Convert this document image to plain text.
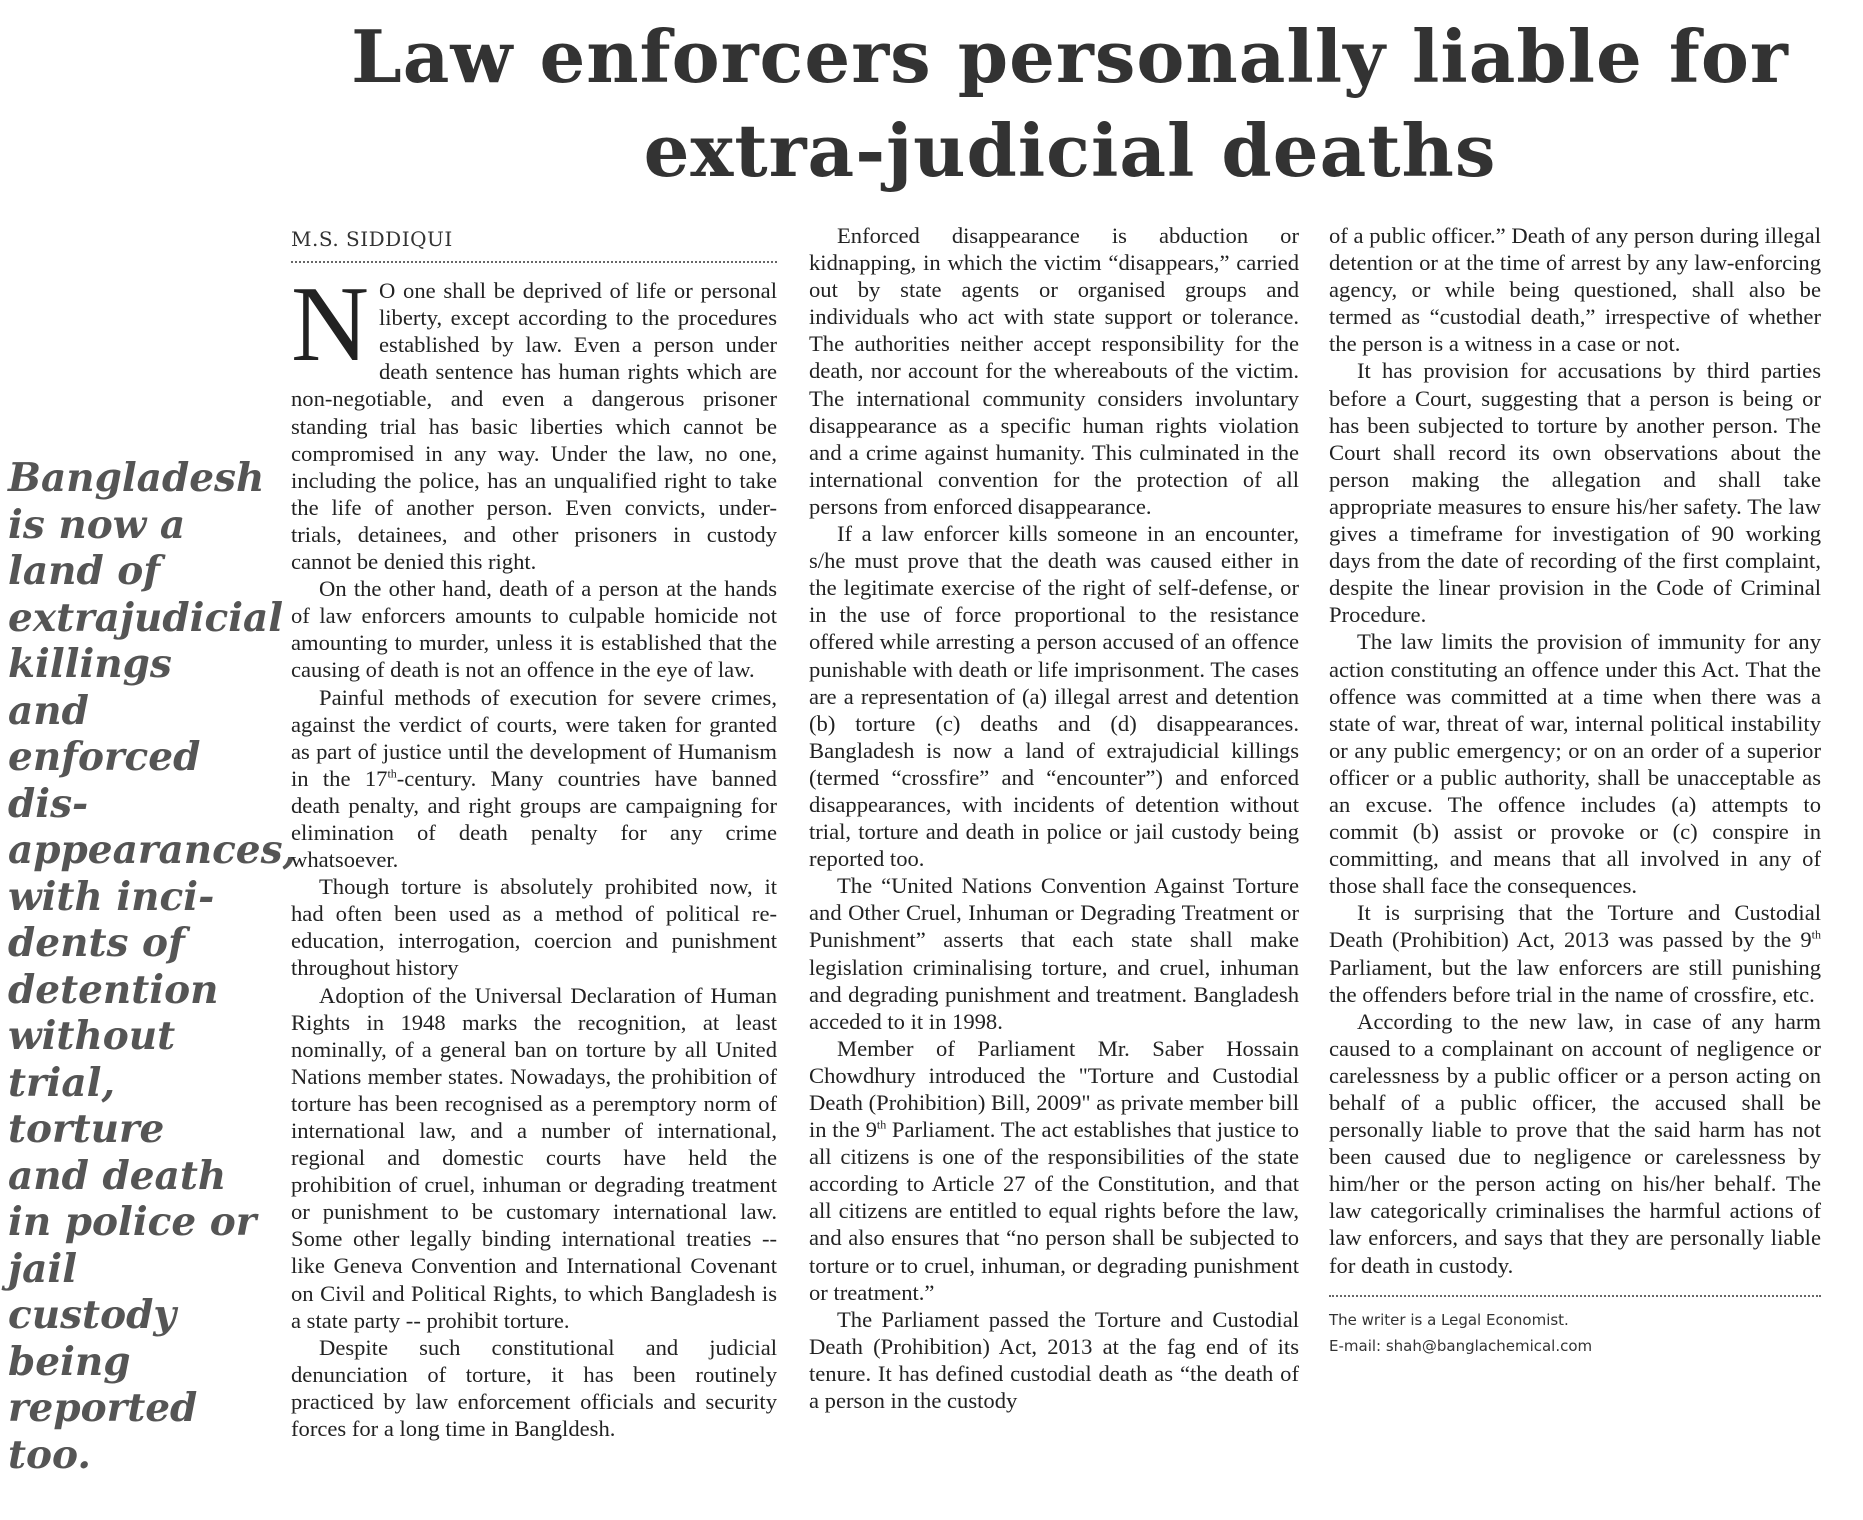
Law enforcers personally liable for
extra-judicial deaths
Bangladesh is now a land of extrajudicial killings and enforced dis-appearances, with inci-dents of detention without trial, torture and death in police or jail custody being reported too.
M.S. SIDDIQUI

N O one shall be deprived of life or personal liberty, except according to the procedures established by law. Even a person under death sentence has human rights which are non-negotiable, and even a dangerous prisoner standing trial has basic liberties which cannot be compromised in any way. Under the law, no one, including the police, has an unqualified right to take the life of another person. Even convicts, under-trials, detainees, and other prisoners in custody cannot be denied this right.

On the other hand, death of a person at the hands of law enforcers amounts to culpable homicide not amounting to murder, unless it is established that the causing of death is not an offence in the eye of law.

Painful methods of execution for severe crimes, against the verdict of courts, were taken for granted as part of justice until the development of Humanism in the 17th-century. Many countries have banned death penalty, and right groups are campaigning for elimination of death penalty for any crime whatsoever.

Though torture is absolutely prohibited now, it had often been used as a method of political re-education, interrogation, coercion and punishment throughout history

Adoption of the Universal Declaration of Human Rights in 1948 marks the recognition, at least nominally, of a general ban on torture by all United Nations member states. Nowadays, the prohibition of torture has been recognised as a peremptory norm of international law, and a number of international, regional and domestic courts have held the prohibition of cruel, inhuman or degrading treatment or punishment to be customary international law. Some other legally binding international treaties -- like Geneva Convention and International Covenant on Civil and Political Rights, to which Bangladesh is a state party -- prohibit torture.

Despite such constitutional and judicial denunciation of torture, it has been routinely practiced by law enforcement officials and security forces for a long time in Bangldesh.

Enforced disappearance is abduction or kidnapping, in which the victim “disappears,” carried out by state agents or organised groups and individuals who act with state support or tolerance. The authorities neither accept responsibility for the death, nor account for the whereabouts of the victim. The international community considers involuntary disappearance as a specific human rights violation and a crime against humanity. This culminated in the international convention for the protection of all persons from enforced disappearance.

If a law enforcer kills someone in an encounter, s/he must prove that the death was caused either in the legitimate exercise of the right of self-defense, or in the use of force proportional to the resistance offered while arresting a person accused of an offence punishable with death or life imprisonment. The cases are a representation of (a) illegal arrest and detention (b) torture (c) deaths and (d) disappearances. Bangladesh is now a land of extrajudicial killings (termed “crossfire” and “encounter”) and enforced disappearances, with incidents of detention without trial, torture and death in police or jail custody being reported too.

The “United Nations Convention Against Torture and Other Cruel, Inhuman or Degrading Treatment or Punishment” asserts that each state shall make legislation criminalising torture, and cruel, inhuman and degrading punishment and treatment. Bangladesh acceded to it in 1998.

Member of Parliament Mr. Saber Hossain Chowdhury introduced the "Torture and Custodial Death (Prohibition) Bill, 2009" as private member bill in the 9th Parliament. The act establishes that justice to all citizens is one of the responsibilities of the state according to Article 27 of the Constitution, and that all citizens are entitled to equal rights before the law, and also ensures that “no person shall be subjected to torture or to cruel, inhuman, or degrading punishment or treatment.”

The Parliament passed the Torture and Custodial Death (Prohibition) Act, 2013 at the fag end of its tenure. It has defined custodial death as “the death of a person in the custody

of a public officer.” Death of any person during illegal detention or at the time of arrest by any law-enforcing agency, or while being questioned, shall also be termed as “custodial death,” irrespective of whether the person is a witness in a case or not.

It has provision for accusations by third parties before a Court, suggesting that a person is being or has been subjected to torture by another person. The Court shall record its own observations about the person making the allegation and shall take appropriate measures to ensure his/her safety. The law gives a timeframe for investigation of 90 working days from the date of recording of the first complaint, despite the linear provision in the Code of Criminal Procedure.

The law limits the provision of immunity for any action constituting an offence under this Act. That the offence was committed at a time when there was a state of war, threat of war, internal political instability or any public emergency; or on an order of a superior officer or a public authority, shall be unacceptable as an excuse. The offence includes (a) attempts to commit (b) assist or provoke or (c) conspire in committing, and means that all involved in any of those shall face the consequences.

It is surprising that the Torture and Custodial Death (Prohibition) Act, 2013 was passed by the 9th Parliament, but the law enforcers are still punishing the offenders before trial in the name of crossfire, etc.

According to the new law, in case of any harm caused to a complainant on account of negligence or carelessness by a public officer or a person acting on behalf of a public officer, the accused shall be personally liable to prove that the said harm has not been caused due to negligence or carelessness by him/her or the person acting on his/her behalf. The law categorically criminalises the harmful actions of law enforcers, and says that they are personally liable for death in custody.

The writer is a Legal Economist.
E-mail: shah@banglachemical.com
